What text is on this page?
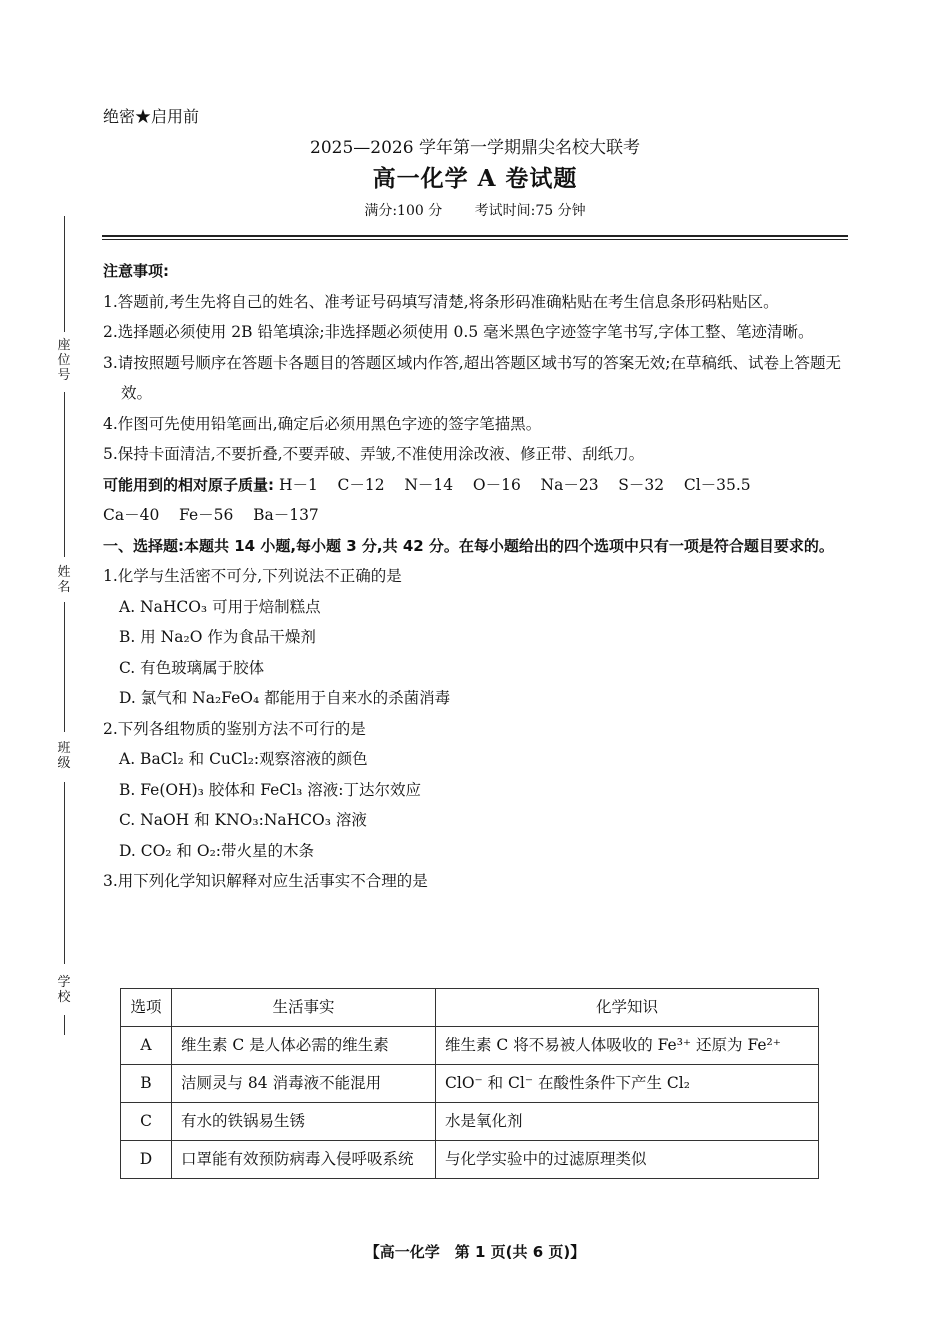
绝密★启用前
2025—2026 学年第一学期鼎尖名校大联考
高一化学 A 卷试题
满分:100 分 考试时间:75 分钟
座位号
姓名
班级
学校

注意事项:

1.答题前,考生先将自己的姓名、准考证号码填写清楚,将条形码准确粘贴在考生信息条形码粘贴区。

2.选择题必须使用 2B 铅笔填涂;非选择题必须使用 0.5 毫米黑色字迹签字笔书写,字体工整、笔迹清晰。

3.请按照题号顺序在答题卡各题目的答题区域内作答,超出答题区域书写的答案无效;在草稿纸、试卷上答题无效。

4.作图可先使用铅笔画出,确定后必须用黑色字迹的签字笔描黑。

5.保持卡面清洁,不要折叠,不要弄破、弄皱,不准使用涂改液、修正带、刮纸刀。

可能用到的相对原子质量: H－1 C－12 N－14 O－16 Na－23 S－32 Cl－35.5

Ca－40 Fe－56 Ba－137

一、选择题:本题共 14 小题,每小题 3 分,共 42 分。在每小题给出的四个选项中只有一项是符合题目要求的。

1.化学与生活密不可分,下列说法不正确的是

A. NaHCO₃ 可用于焙制糕点

B. 用 Na₂O 作为食品干燥剂

C. 有色玻璃属于胶体

D. 氯气和 Na₂FeO₄ 都能用于自来水的杀菌消毒

2.下列各组物质的鉴别方法不可行的是

A. BaCl₂ 和 CuCl₂:观察溶液的颜色

B. Fe(OH)₃ 胶体和 FeCl₃ 溶液:丁达尔效应

C. NaOH 和 KNO₃:NaHCO₃ 溶液

D. CO₂ 和 O₂:带火星的木条

3.用下列化学知识解释对应生活事实不合理的是

选项	生活事实	化学知识
A	维生素 C 是人体必需的维生素	维生素 C 将不易被人体吸收的 Fe³⁺ 还原为 Fe²⁺
B	洁厕灵与 84 消毒液不能混用	ClO⁻ 和 Cl⁻ 在酸性条件下产生 Cl₂
C	有水的铁锅易生锈	水是氧化剂
D	口罩能有效预防病毒入侵呼吸系统	与化学实验中的过滤原理类似
【高一化学　第 1 页(共 6 页)】
